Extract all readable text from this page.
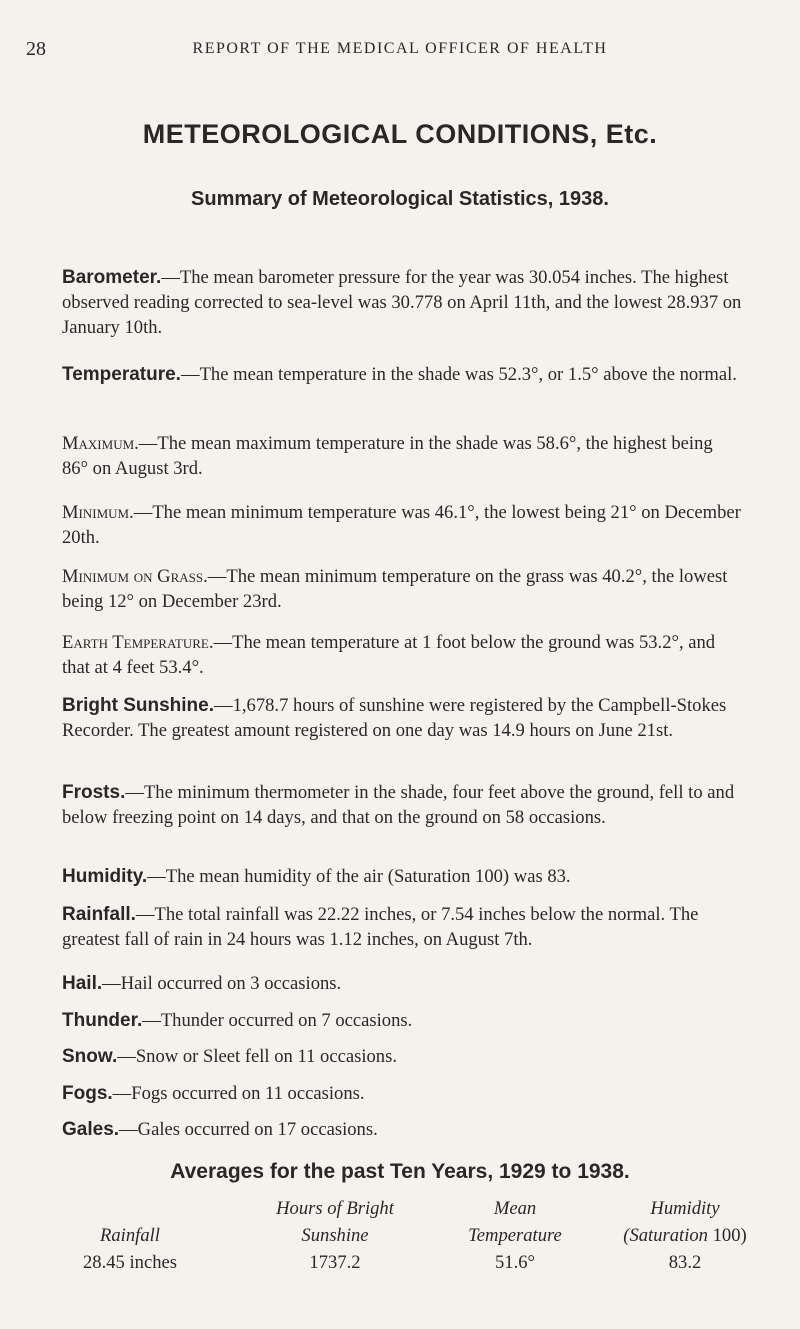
28	REPORT OF THE MEDICAL OFFICER OF HEALTH
METEOROLOGICAL CONDITIONS, Etc.
Summary of Meteorological Statistics, 1938.

Barometer.—The mean barometer pressure for the year was 30.054 inches. The highest observed reading corrected to sea-level was 30.778 on April 11th, and the lowest 28.937 on January 10th.

Temperature.—The mean temperature in the shade was 52.3°, or 1.5° above the normal.

Maximum.—The mean maximum temperature in the shade was 58.6°, the highest being 86° on August 3rd.

Minimum.—The mean minimum temperature was 46.1°, the lowest being 21° on December 20th.

Minimum on Grass.—The mean minimum temperature on the grass was 40.2°, the lowest being 12° on December 23rd.

Earth Temperature.—The mean temperature at 1 foot below the ground was 53.2°, and that at 4 feet 53.4°.

Bright Sunshine.—1,678.7 hours of sunshine were registered by the Campbell-Stokes Recorder. The greatest amount registered on one day was 14.9 hours on June 21st.

Frosts.—The minimum thermometer in the shade, four feet above the ground, fell to and below freezing point on 14 days, and that on the ground on 58 occasions.

Humidity.—The mean humidity of the air (Saturation 100) was 83.

Rainfall.—The total rainfall was 22.22 inches, or 7.54 inches below the normal. The greatest fall of rain in 24 hours was 1.12 inches, on August 7th.

Hail.—Hail occurred on 3 occasions.

Thunder.—Thunder occurred on 7 occasions.

Snow.—Snow or Sleet fell on 11 occasions.

Fogs.—Fogs occurred on 11 occasions.

Gales.—Gales occurred on 17 occasions.

Averages for the past Ten Years, 1929 to 1938.

Rainfall
28.45 inches
Hours of Bright
Sunshine
1737.2
Mean
Temperature
51.6°
Humidity
(Saturation 100)
83.2
